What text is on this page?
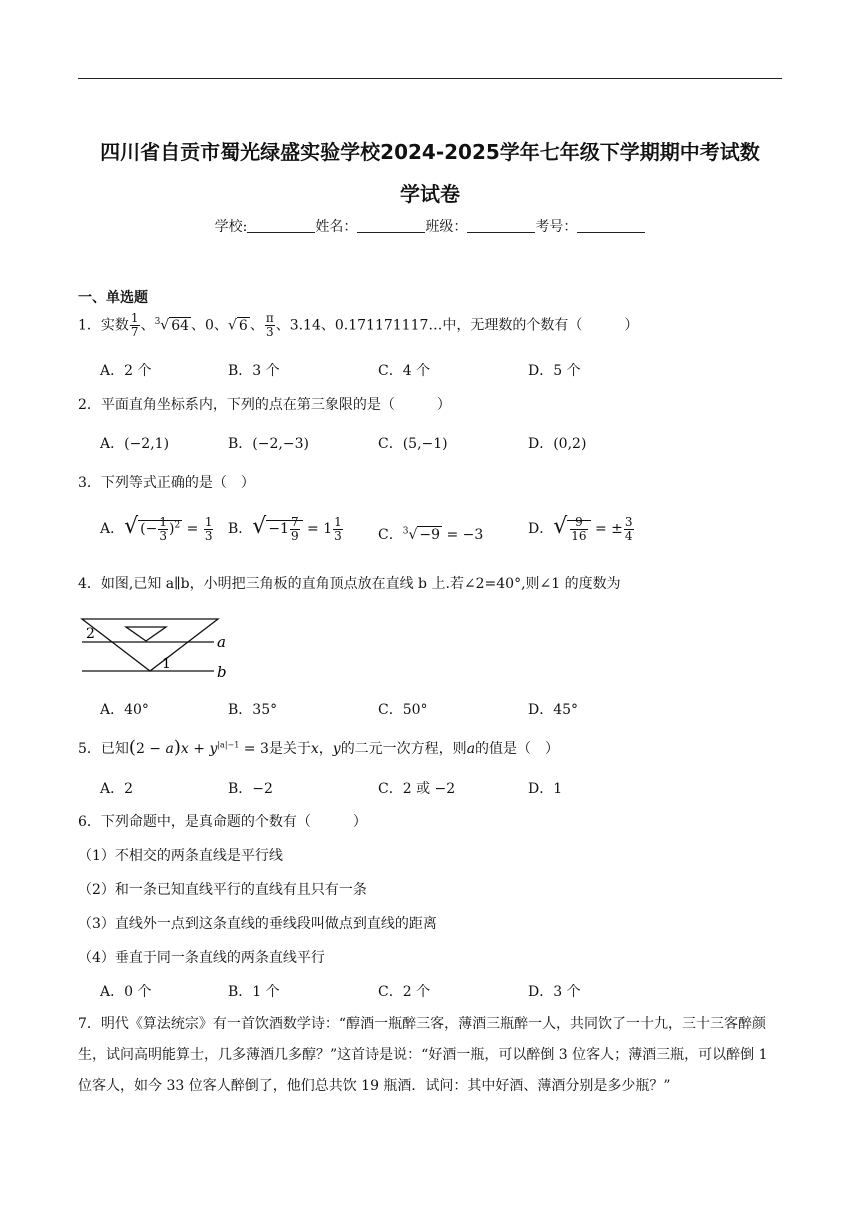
四川省自贡市蜀光绿盛实验学校2024-2025学年七年级下学期期中考试数
学试卷
学校:	姓名：	班级：	考号：
一、单选题
1．实数 $\frac{1}{7}$ 、$^3$√ 64 、0、√ 6 、 $\frac{\pi}{3}$ 、3.14、0.171171117…中，无理数的个数有（　　　）
A．2 个	B．3 个	C．4 个	D．5 个
2．平面直角坐标系内，下列的点在第三象限的是（　　　）
A．(−2,1)	B．(−2,−3)	C．(5,−1)	D．(0,2)
3．下列等式正确的是（　）
A．√ (− $\frac{1}{3} )^2 = \frac{1}{3}$ B．√ $-1 \frac{7}{9} = 1 \frac{1}{3}$	C．$^3$√ −9 = −3	D．√ $\frac{9}{16}$ = ± $\frac{3}{4}$
4．如图,已知 a∥b，小明把三角板的直角顶点放在直线 b 上.若∠2=40°,则∠1 的度数为
2
1
a
b
A．40°	B．35°	C．50°	D．45°
5．已知$(2 - a)x + y^{|a|-1} = 3$是关于x，y的二元一次方程，则a的值是（　）
A．2	B．−2	C．2 或 −2	D．1
6．下列命题中，是真命题的个数有（　　　）
（1）不相交的两条直线是平行线
（2）和一条已知直线平行的直线有且只有一条
（3）直线外一点到这条直线的垂线段叫做点到直线的距离
（4）垂直于同一条直线的两条直线平行
A．0 个	B．1 个	C．2 个	D．3 个
7．明代《算法统宗》有一首饮酒数学诗：“醇酒一瓶醉三客，薄酒三瓶醉一人，共同饮了一十九，三十三客醉颜生，试问高明能算士，几多薄酒几多醇？”这首诗是说：“好酒一瓶，可以醉倒 3 位客人；薄酒三瓶，可以醉倒 1 位客人，如今 33 位客人醉倒了，他们总共饮 19 瓶酒．试问：其中好酒、薄酒分别是多少瓶？”
